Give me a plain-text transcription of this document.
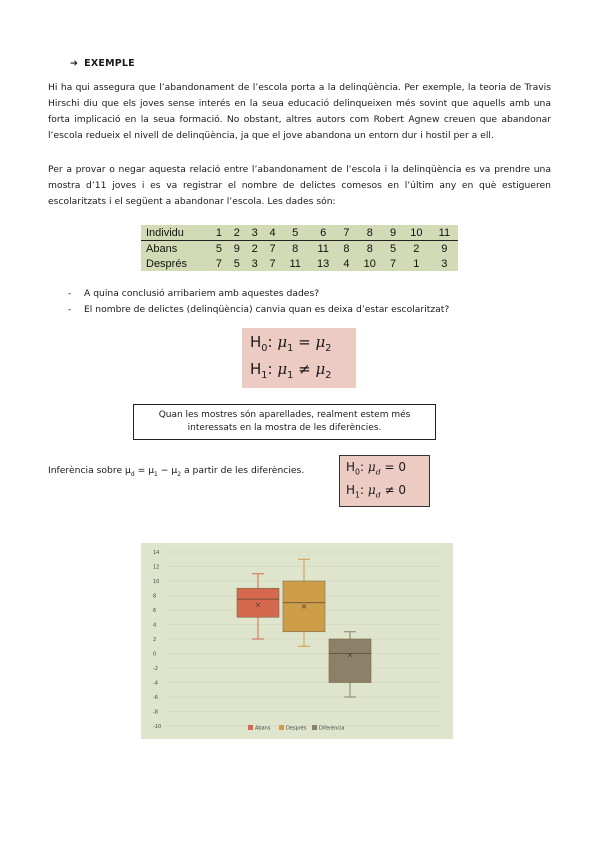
➔ EXEMPLE
Hi ha qui assegura que l’abandonament de l’escola porta a la delinqüència. Per exemple, la teoria de Travis Hirschi diu que els joves sense interés en la seua educació delinqueixen més sovint que aquells amb una forta implicació en la seua formació. No obstant, altres autors com Robert Agnew creuen que abandonar l’escola redueix el nivell de delinqüència, ja que el jove abandona un entorn dur i hostil per a ell.
Per a provar o negar aquesta relació entre l’abandonament de l’escola i la delinqüència es va prendre una mostra d’11 joves i es va registrar el nombre de delictes comesos en l’últim any en què estigueren escolaritzats i el següent a abandonar l’escola. Les dades són:
Individu	1	2	3	4	5	6	7	8	9	10	11
Abans	5	9	2	7	8	11	8	8	5	2	9
Després	7	5	3	7	11	13	4	10	7	1	3
- A quina conclusió arribariem amb aquestes dades?
- El nombre de delictes (delinqüència) canvia quan es deixa d’estar escolaritzat?
$H_0$: $\mu_1 = \mu_2$
$H_1$: $\mu_1 \ne \mu_2$
Quan les mostres són aparellades, realment estem més interessats en la mostra de les diferències.
Inferència sobre $\mu_d = \mu_1 - \mu_2$ a partir de les diferències.	$H_0$: $\mu_d = 0$
$H_1$: $\mu_d \ne 0$
14
12
10
8
6
4
2
0
-2
-4
-6
-8
-10	Abans	Després	Diferència
